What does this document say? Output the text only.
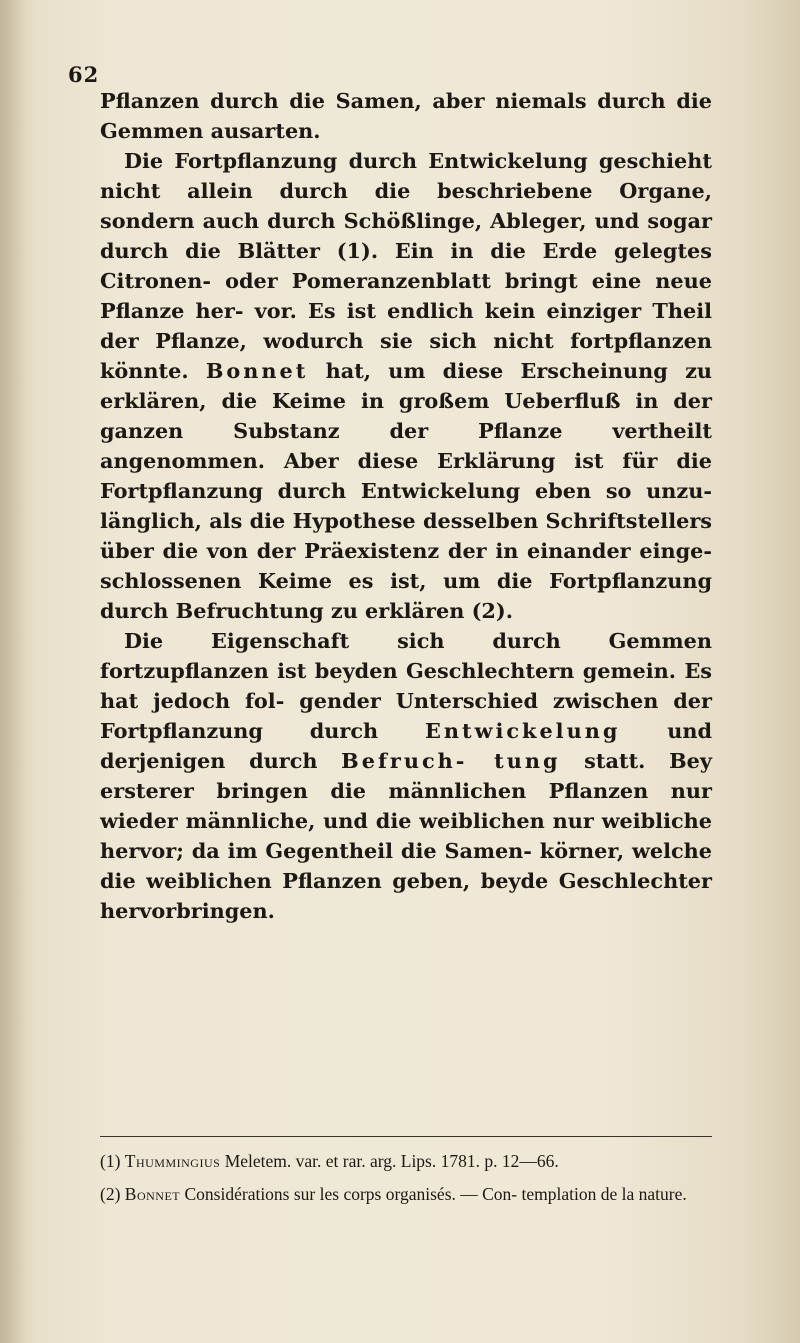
62

Pflanzen durch die Samen, aber niemals durch die Gemmen ausarten.

Die Fortpflanzung durch Entwickelung geschieht nicht allein durch die beschriebene Organe, sondern auch durch Schößlinge, Ableger, und sogar durch die Blätter (1). Ein in die Erde gelegtes Citronen- oder Pomeranzenblatt bringt eine neue Pflanze her- vor. Es ist endlich kein einziger Theil der Pflanze, wodurch sie sich nicht fortpflanzen könnte. Bonnet hat, um diese Erscheinung zu erklären, die Keime in großem Ueberfluß in der ganzen Substanz der Pflanze vertheilt angenommen. Aber diese Erklärung ist für die Fortpflanzung durch Entwickelung eben so unzu- länglich, als die Hypothese desselben Schriftstellers über die von der Präexistenz der in einander einge- schlossenen Keime es ist, um die Fortpflanzung durch Befruchtung zu erklären (2).

Die Eigenschaft sich durch Gemmen fortzupflanzen ist beyden Geschlechtern gemein. Es hat jedoch fol- gender Unterschied zwischen der Fortpflanzung durch Entwickelung und derjenigen durch Befruch- tung statt. Bey ersterer bringen die männlichen Pflanzen nur wieder männliche, und die weiblichen nur weibliche hervor; da im Gegentheil die Samen- körner, welche die weiblichen Pflanzen geben, beyde Geschlechter hervorbringen.

(1) Thummingius Meletem. var. et rar. arg. Lips. 1781. p. 12—66.

(2) Bonnet Considérations sur les corps organisés. — Con- templation de la nature.
